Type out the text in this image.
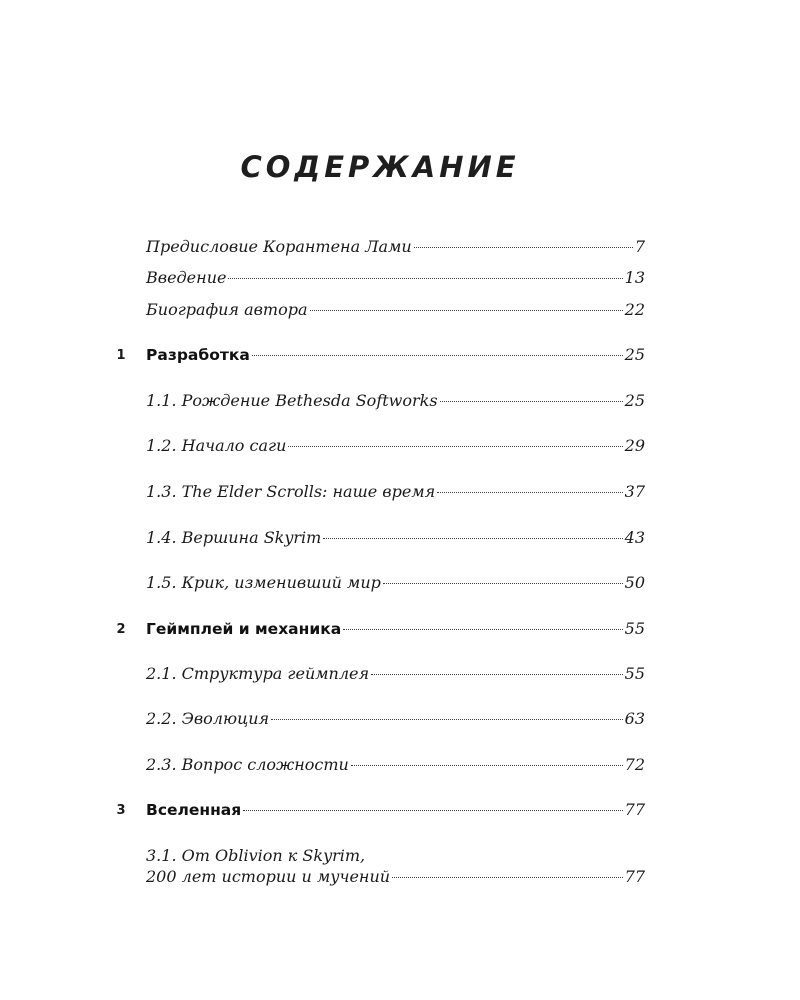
СОДЕРЖАНИЕ
Предисловие Корантена Лами	7
Введение	13
Биография автора	22
1	Разработка	25
1.1. Рождение Bethesda Softworks	25
1.2. Начало саги	29
1.3. The Elder Scrolls: наше время	37
1.4. Вершина Skyrim	43
1.5. Крик, изменивший мир	50
2	Геймплей и механика	55
2.1. Структура геймплея	55
2.2. Эволюция	63
2.3. Вопрос сложности	72
3	Вселенная	77
3.1. От Oblivion к Skyrim,
200 лет истории и мучений	77
